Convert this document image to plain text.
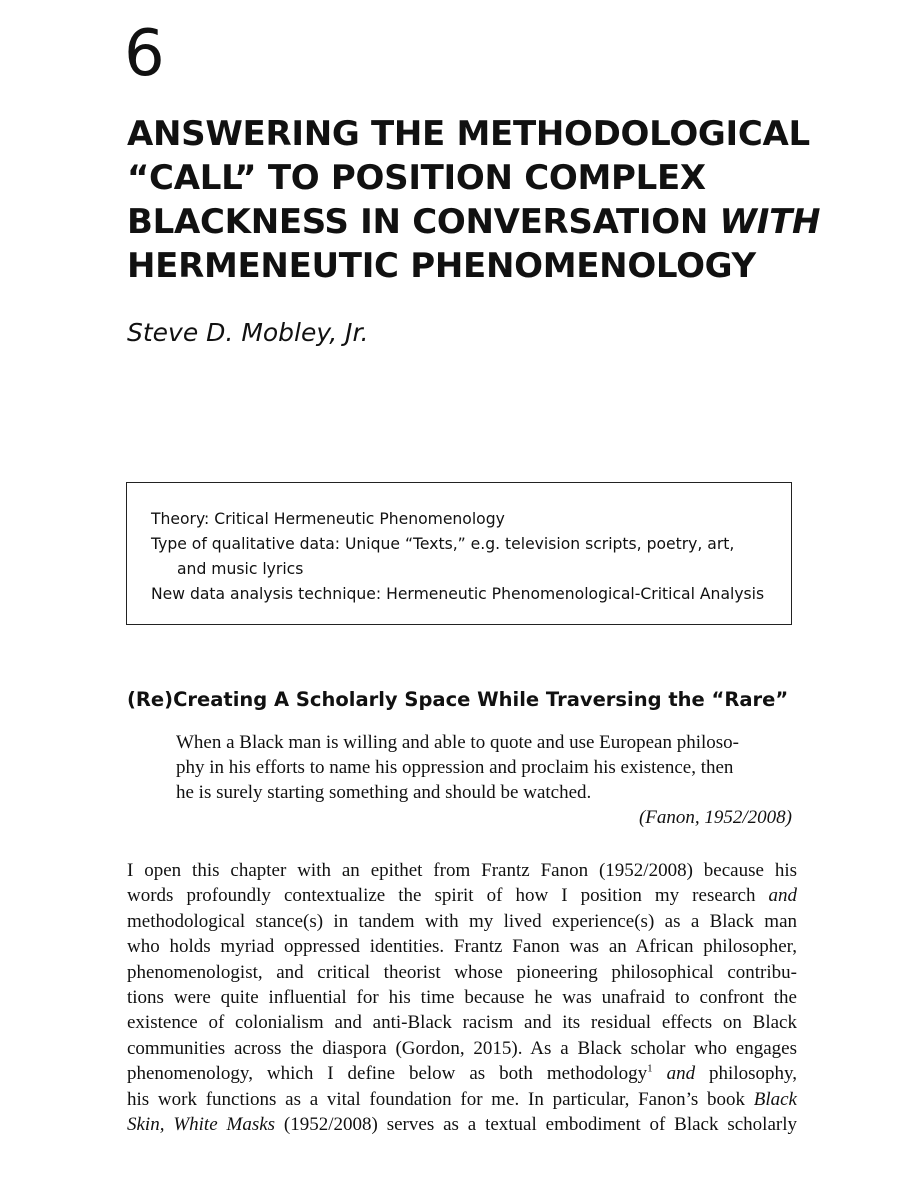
6
ANSWERING THE METHODOLOGICAL
“CALL” TO POSITION COMPLEX
BLACKNESS IN CONVERSATION WITH
HERMENEUTIC PHENOMENOLOGY
Steve D. Mobley, Jr.
Theory: Critical Hermeneutic Phenomenology
Type of qualitative data: Unique “Texts,” e.g. television scripts, poetry, art,
and music lyrics
New data analysis technique: Hermeneutic Phenomenological-Critical Analysis
(Re)Creating A Scholarly Space While Traversing the “Rare”
When a Black man is willing and able to quote and use European philoso-
phy in his efforts to name his oppression and proclaim his existence, then
he is surely starting something and should be watched.
(Fanon, 1952/2008)
I open this chapter with an epithet from Frantz Fanon (1952/2008) because his
words profoundly contextualize the spirit of how I position my research and
methodological stance(s) in tandem with my lived experience(s) as a Black man
who holds myriad oppressed identities. Frantz Fanon was an African philosopher,
phenomenologist, and critical theorist whose pioneering philosophical contribu-
tions were quite influential for his time because he was unafraid to confront the
existence of colonialism and anti-Black racism and its residual effects on Black
communities across the diaspora (Gordon, 2015). As a Black scholar who engages
phenomenology, which I define below as both methodology$^1$ and philosophy,
his work functions as a vital foundation for me. In particular, Fanon’s book Black
Skin, White Masks (1952/2008) serves as a textual embodiment of Black scholarly
